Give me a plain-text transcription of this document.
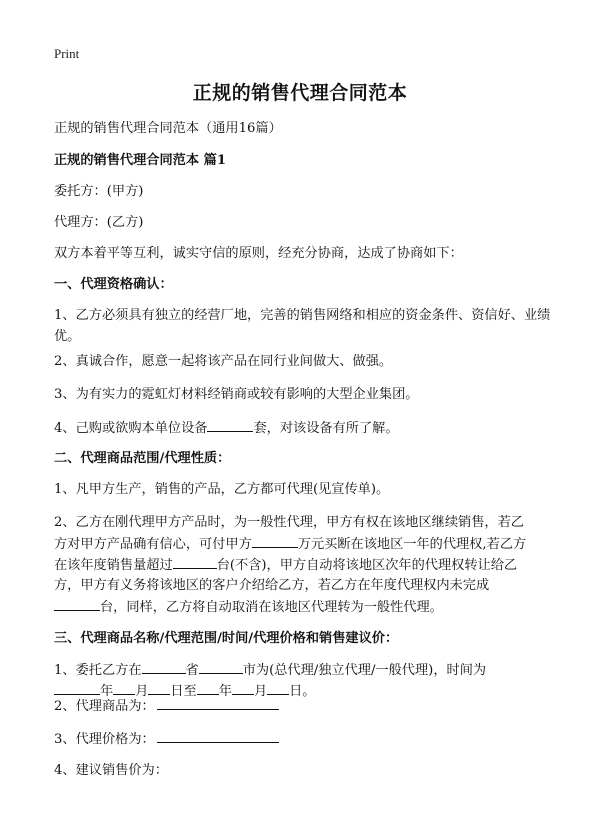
Print
正规的销售代理合同范本
正规的销售代理合同范本（通用16篇）
正规的销售代理合同范本 篇1
委托方：(甲方)
代理方：(乙方)
双方本着平等互利，诚实守信的原则，经充分协商，达成了协商如下：
一、代理资格确认：
1、乙方必须具有独立的经营厂地，完善的销售网络和相应的资金条件、资信好、业绩优。
2、真诚合作，愿意一起将该产品在同行业间做大、做强。
3、为有实力的霓虹灯材料经销商或较有影响的大型企业集团。
4、己购或欲购本单位设备	套，对该设备有所了解。
二、代理商品范围/代理性质：
1、凡甲方生产，销售的产品，乙方都可代理(见宣传单)。
2、乙方在刚代理甲方产品时，为一般性代理，甲方有权在该地区继续销售，若乙
方对甲方产品确有信心，可付甲方	万元买断在该地区一年的代理权,若乙方
在该年度销售量超过	台(不含)，甲方自动将该地区次年的代理权转让给乙
方，甲方有义务将该地区的客户介绍给乙方，若乙方在年度代理权内未完成
台，同样，乙方将自动取消在该地区代理转为一般性代理。
三、代理商品名称/代理范围/时间/代理价格和销售建议价：
1、委托乙方在	省	市为(总代理/独立代理/一般代理)，时间为
年 月 日至 年 月 日。
2、代理商品为：
3、代理价格为：
4、建议销售价为：
